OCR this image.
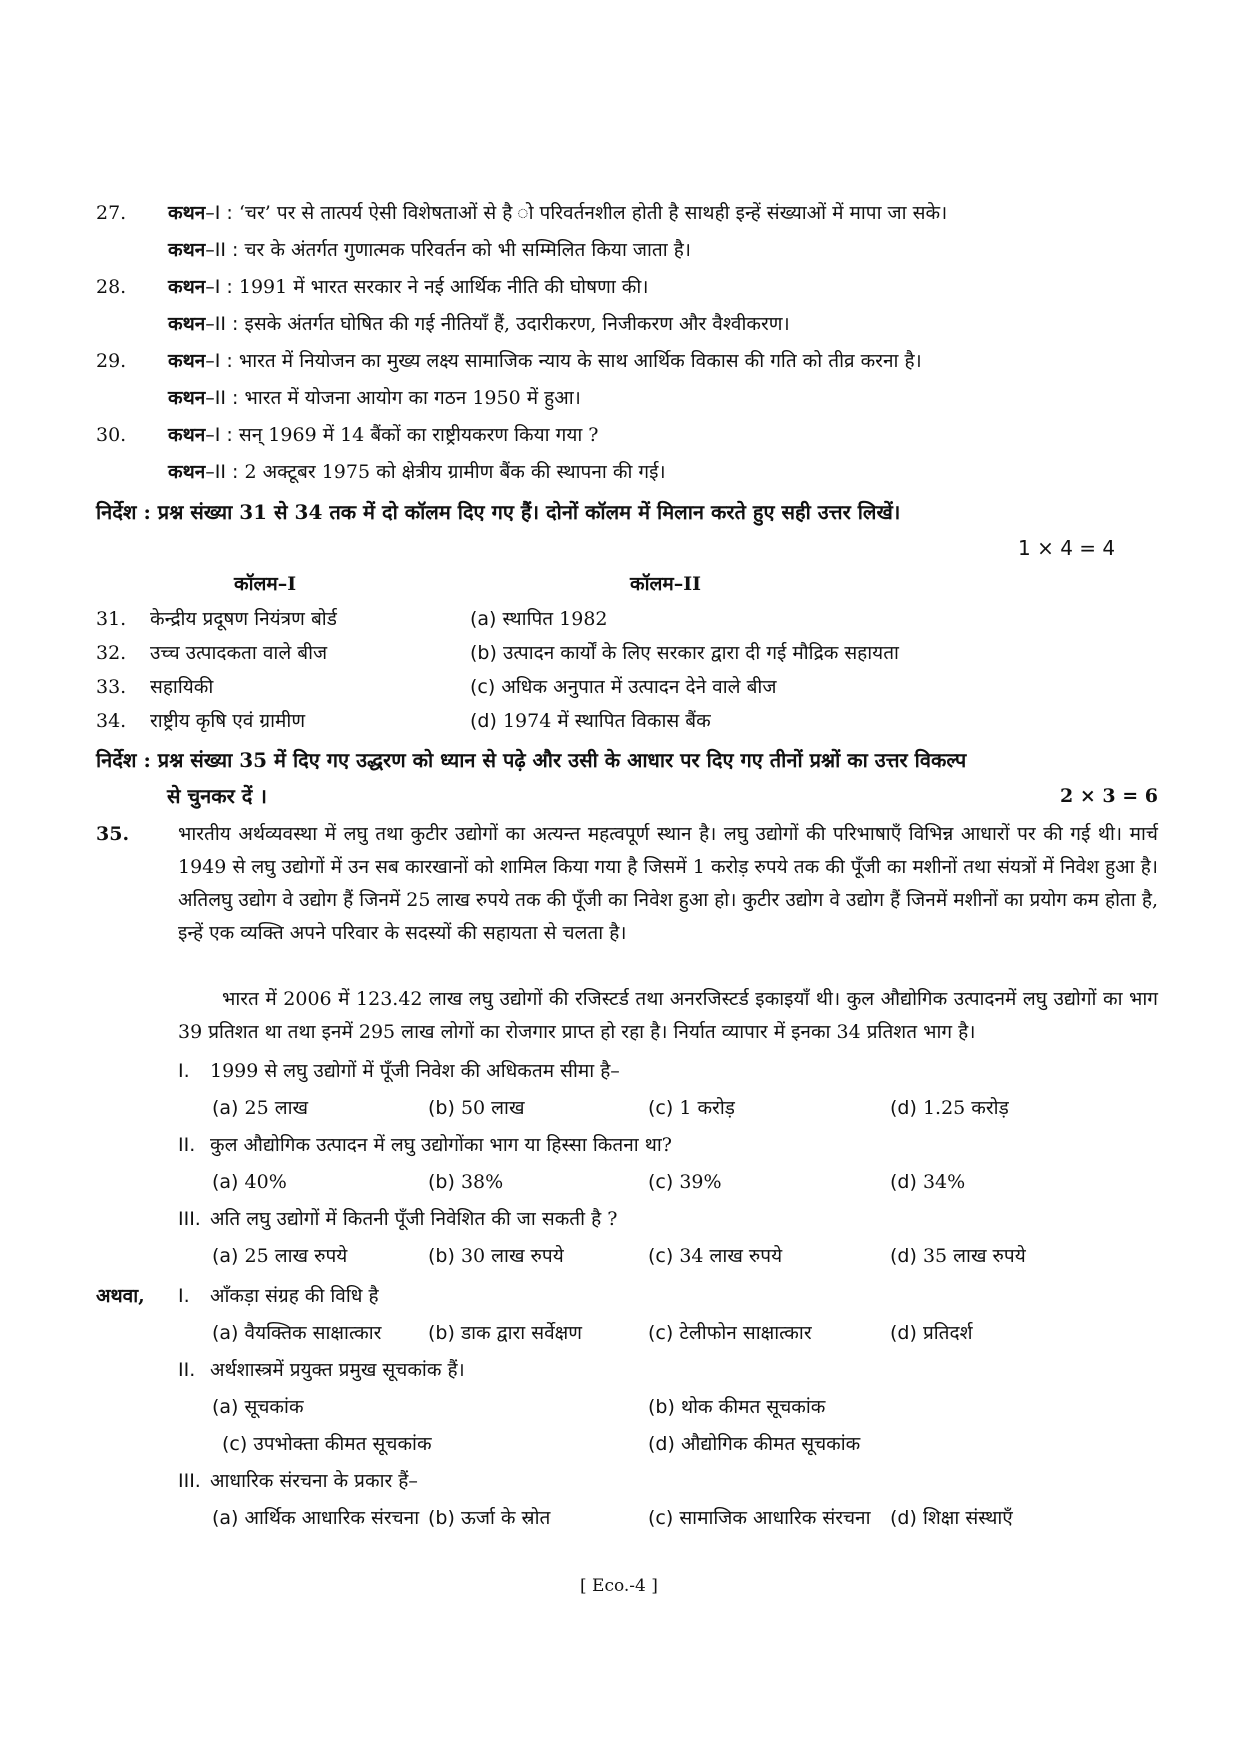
27.	कथन–I : ‘चर’ पर से तात्पर्य ऐसी विशेषताओं से है ो परिवर्तनशील होती है साथही इन्हें संख्याओं में मापा जा सके।
कथन–II : चर के अंतर्गत गुणात्मक परिवर्तन को भी सम्मिलित किया जाता है।
28.	कथन–I : 1991 में भारत सरकार ने नई आर्थिक नीति की घोषणा की।
कथन–II : इसके अंतर्गत घोषित की गई नीतियाँ हैं, उदारीकरण, निजीकरण और वैश्वीकरण।
29.	कथन–I : भारत में नियोजन का मुख्य लक्ष्य सामाजिक न्याय के साथ आर्थिक विकास की गति को तीव्र करना है।
कथन–II : भारत में योजना आयोग का गठन 1950 में हुआ।
30.	कथन–I : सन् 1969 में 14 बैंकों का राष्ट्रीयकरण किया गया ?
कथन–II : 2 अक्टूबर 1975 को क्षेत्रीय ग्रामीण बैंक की स्थापना की गई।
निर्देश : प्रश्न संख्या 31 से 34 तक में दो कॉलम दिए गए हैं। दोनों कॉलम में मिलान करते हुए सही उत्तर लिखें।
1 × 4 = 4
कॉलम–I	कॉलम–II
31.	केन्द्रीय प्रदूषण नियंत्रण बोर्ड	(a) स्थापित 1982
32.	उच्च उत्पादकता वाले बीज	(b) उत्पादन कार्यों के लिए सरकार द्वारा दी गई मौद्रिक सहायता
33.	सहायिकी	(c) अधिक अनुपात में उत्पादन देने वाले बीज
34.	राष्ट्रीय कृषि एवं ग्रामीण	(d) 1974 में स्थापित विकास बैंक
निर्देश : प्रश्न संख्या 35 में दिए गए उद्धरण को ध्यान से पढ़े और उसी के आधार पर दिए गए तीनों प्रश्नों का उत्तर विकल्प
से चुनकर दें ।	2 × 3 = 6
35.	भारतीय अर्थव्यवस्था में लघु तथा कुटीर उद्योगों का अत्यन्त महत्वपूर्ण स्थान है। लघु उद्योगों की परिभाषाएँ विभिन्न आधारों पर की गई थी। मार्च 1949 से लघु उद्योगों में उन सब कारखानों को शामिल किया गया है जिसमें 1 करोड़ रुपये तक की पूँजी का मशीनों तथा संयत्रों में निवेश हुआ है। अतिलघु उद्योग वे उद्योग हैं जिनमें 25 लाख रुपये तक की पूँजी का निवेश हुआ हो। कुटीर उद्योग वे उद्योग हैं जिनमें मशीनों का प्रयोग कम होता है, इन्हें एक व्यक्ति अपने परिवार के सदस्यों की सहायता से चलता है।
भारत में 2006 में 123.42 लाख लघु उद्योगों की रजिस्टर्ड तथा अनरजिस्टर्ड इकाइयाँ थी। कुल औद्योगिक उत्पादनमें लघु उद्योगों का भाग 39 प्रतिशत था तथा इनमें 295 लाख लोगों का रोजगार प्राप्त हो रहा है। निर्यात व्यापार में इनका 34 प्रतिशत भाग है।
I. 1999 से लघु उद्योगों में पूँजी निवेश की अधिकतम सीमा है–
(a) 25 लाख	(b) 50 लाख	(c) 1 करोड़	(d) 1.25 करोड़
II. कुल औद्योगिक उत्पादन में लघु उद्योगोंका भाग या हिस्सा कितना था?
(a) 40%	(b) 38%	(c) 39%	(d) 34%
III. अति लघु उद्योगों में कितनी पूँजी निवेशित की जा सकती है ?
(a) 25 लाख रुपये	(b) 30 लाख रुपये	(c) 34 लाख रुपये	(d) 35 लाख रुपये
अथवा, I. आँकड़ा संग्रह की विधि है
(a) वैयक्तिक साक्षात्कार (b) डाक द्वारा सर्वेक्षण	(c) टेलीफोन साक्षात्कार	(d) प्रतिदर्श
II. अर्थशास्त्रमें प्रयुक्त प्रमुख सूचकांक हैं।
(a) सूचकांक	(b) थोक कीमत सूचकांक
(c) उपभोक्ता कीमत सूचकांक	(d) औद्योगिक कीमत सूचकांक
III. आधारिक संरचना के प्रकार हैं–
(a) आर्थिक आधारिक संरचना (b) ऊर्जा के स्रोत	(c) सामाजिक आधारिक संरचना (d) शिक्षा संस्थाएँ
[ Eco.-4 ]
